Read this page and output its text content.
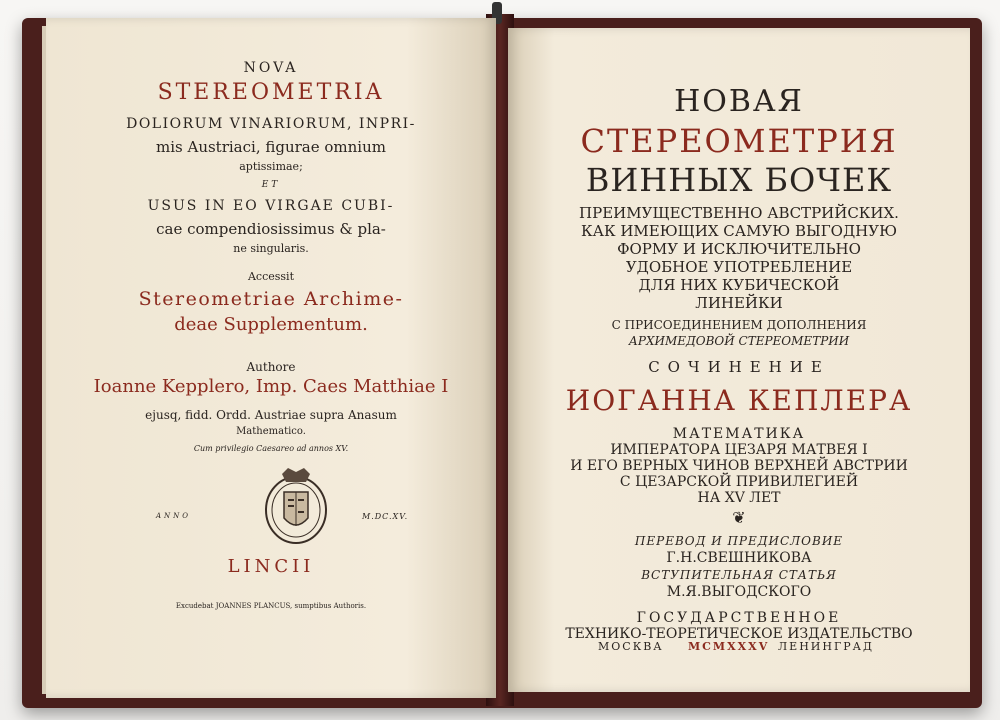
NOVA
STEREOMETRIA
DOLIORUM VINARIORUM, INPRI-
mis Austriaci, figurae omnium
aptissimae;
ET
USUS IN EO VIRGAE CUBI-
cae compendiosissimus & pla-
ne singularis.
Accessit
Stereometriae Archime-
deae Supplementum.
Authore
Ioanne Kepplero, Imp. Caes Matthiae I
ejusq, fidd. Ordd. Austriae supra Anasum
Mathematico.
Cum privilegio Caesareo ad annos XV.
ANNO	M.DC.XV.
LINCII
Excudebat JOANNES PLANCUS, sumptibus Authoris.
НОВАЯ
СТЕРЕОМЕТРИЯ
ВИННЫХ БОЧЕК
ПРЕИМУЩЕСТВЕННО АВСТРИЙСКИХ.
КАК ИМЕЮЩИХ САМУЮ ВЫГОДНУЮ
ФОРМУ И ИСКЛЮЧИТЕЛЬНО
УДОБНОЕ УПОТРЕБЛЕНИЕ
ДЛЯ НИХ КУБИЧЕСКОЙ
ЛИНЕЙКИ
С ПРИСОЕДИНЕНИЕМ ДОПОЛНЕНИЯ
АРХИМЕДОВОЙ СТЕРЕОМЕТРИИ
СОЧИНЕНИЕ
ИОГАННА КЕПЛЕРА
МАТЕМАТИКА
ИМПЕРАТОРА ЦЕЗАРЯ МАТВЕЯ I
И ЕГО ВЕРНЫХ ЧИНОВ ВЕРХНЕЙ АВСТРИИ
С ЦЕЗАРСКОЙ ПРИВИЛЕГИЕЙ
НА XV ЛЕТ
❦
ПЕРЕВОД И ПРЕДИСЛОВИЕ
Г.Н.СВЕШНИКОВА
ВСТУПИТЕЛЬНАЯ СТАТЬЯ
М.Я.ВЫГОДСКОГО
ГОСУДАРСТВЕННОЕ
ТЕХНИКО-ТЕОРЕТИЧЕСКОЕ ИЗДАТЕЛЬСТВО
МОСКВА MCMXXXV ЛЕНИНГРАД
